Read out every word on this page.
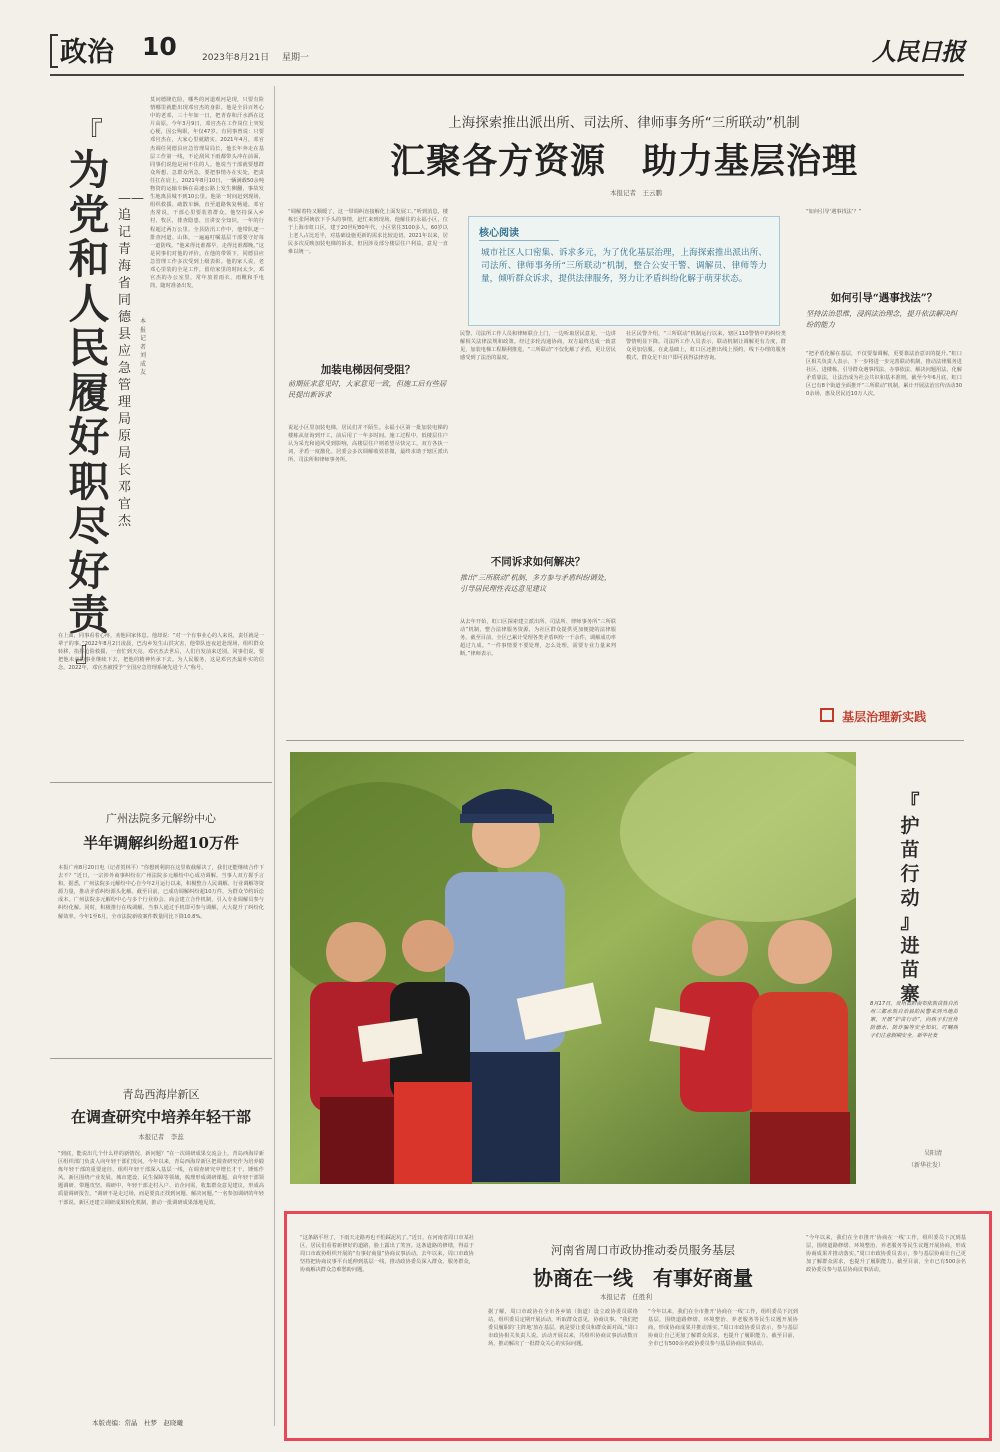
政治 10	2023年8月21日 星期一	人民日报
『
为
党
和
人
民
履
好
职
尽
好
责
』
——追记青海省同德县应急管理局原局长邓官杰
本报记者　刘成友
莫问德隆危险，哪些的河道观河是现，只要有险情哪里就能出现邓官杰的身影。他是全县百姓心中的老邓，三十年如一日，把青春和汗水洒在这片高原。今年3月9日，邓官杰在工作岗位上突发心梗，因公殉职，年仅47岁。有同事曾说：只要邓官杰在，大家心里就踏实。2021年4月，邓官杰调任同德县应急管理局局长，他长年奔走在基层工作第一线，不论刮风下雨都带头冲在前面，同事们说他是闲不住的人。他说当干部就要想群众所想、急群众所急，要把事情办在实处，把责任扛在肩上。2021年8月10日，一辆满载50余吨物资的运输车辆在高速公路上发生侧翻，事故发生地离县城不到10公里。他第一时间赶到现场，组织救援、疏散车辆，直至道路恢复畅通。邓官杰常说，干部心里要装着群众。他坚持深入乡村、牧区，排查隐患，宣讲安全知识，一年的行程超过两万公里。全县防汛工作中，他带队逐一排查河道、山体，一遍遍叮嘱基层干部要守好每一道防线。“他来得比谁都早，走得比谁都晚。”这是同事们对他的评价。在他的带领下，同德县应急管理工作多次受到上级表彰。他的家人说，老邓心里装的全是工作，留给家里的时间太少。邓官杰的办公室里，常年放着雨衣、雨靴和手电筒，随时准备出发。
在上面，同事看着心疼，劝他回家休息。他却说：“对一个有事业心的人来说，责任就是一辈子的事。”2022年8月2日凌晨，巴沟乡发生山洪灾害，他带队连夜赶赴现场，组织群众转移，指挥抢险救援，一直忙到天亮。邓官杰去世后，人们自发前来送别。同事们说，要把他未竟的事业继续下去，把他的精神传承下去。为人民服务，这是邓官杰最朴实的信念。2022年，邓官杰被授予“全国应急管理系统先进个人”称号。
广州法院多元解纷中心
半年调解纠纷超10万件
本报广州8月20日电（记者贺林平）“你想到利润在这里收截解决了，我们还能继续合作下去不？”近日，一宗涉外商事纠纷在广州法院多元解纷中心成功调解。当事人双方握手言和。据悉，广州法院多元解纷中心自今年2月运行以来，积极整合人民调解、行业调解等资源力量，推动矛盾纠纷源头化解。截至目前，已成功调解纠纷超10万件，为群众节约诉讼成本。广州法院多元解纷中心与多个行业协会、商会建立合作机制，引入专业调解员参与纠纷化解。同时，积极推行在线调解，当事人通过手机即可参与调解，大大提升了纠纷化解效率。今年1至6月，全市法院新收案件数量同比下降10.8%。
青岛西海岸新区
在调查研究中培养年轻干部
本报记者　李蕊
“到底，能说出几个什么样的新情况、新问题？”在一次调研成果交流会上，青岛西海岸新区组织部门负责人向年轻干部们发问。今年以来，青岛西海岸新区把调查研究作为培养锻炼年轻干部的重要途径，组织年轻干部深入基层一线，在调查研究中增长才干、锤炼作风。新区围绕产业发展、城市建设、民生保障等领域，梳理形成调研课题，由年轻干部领题调研、带题攻坚。调研中，年轻干部走村入户、访企问需，收集群众意见建议，形成高质量调研报告。“调研不是走过场，而是要真正找到问题、解决问题。”一名参加调研的年轻干部说。新区还建立调研成果转化机制，推动一批调研成果落地见效。
本版责编：常晶　杜梦　赵晓曦
上海探索推出派出所、司法所、律师事务所“三所联动”机制
汇聚各方资源　助力基层治理
本报记者　王云鹏
“调解着特又顺暖了，这一带调纠直接解化上面发展工。”听到消息，楼栋长张阿姨放下手头的事情，赶忙来到现场。他解住的永福小区，位于上海市虹口区，建于20世纪80年代，小区常住3100多人，60岁以上老人占比近半，对基础设施更新的需求比较迫切。2021年以来，居民多次反映加装电梯的诉求，但因涉及部分楼层住户利益，意见一直难以统一。
加装电梯因何受阻？
前期征求意见时，大家意见一致，但施工后有些居民提出新诉求
说起小区里加装电梯，居民们并不陌生。永福小区第一批加装电梯的楼栋从征询到开工，前后用了一年多时间。施工过程中，低楼层住户认为采光和通风受到影响，高楼层住户则希望尽快完工，双方各执一词，矛盾一度激化。居委会多次调解收效甚微，最终求助于辖区派出所、司法所和律师事务所。
核心阅读
城市社区人口密集、诉求多元，为了优化基层治理，上海探索推出派出所、司法所、律师事务所“三所联动”机制，整合公安干警、调解员、律师等力量，倾听群众诉求，提供法律服务，努力让矛盾纠纷化解于萌芽状态。
民警、司法所工作人员和律师联合上门，一边听取居民意见，一边讲解相关法律法规和政策。经过多轮沟通协商，双方最终达成一致意见，加装电梯工程顺利推进。“三所联动”不仅化解了矛盾，更让居民感受到了法治的温度。
不同诉求如何解决？
推出“三所联动”机制，多方参与矛盾纠纷调处，引导居民理性表达意见建议
从去年开始，虹口区探索建立派出所、司法所、律师事务所“三所联动”机制，整合法律服务资源，为社区群众提供更加便捷的法律服务。截至目前，全区已累计受理各类矛盾纠纷一千余件，调解成功率超过九成。“一件事情要不要处理，怎么处理，需要专业力量来判断。”律师表示。
社区民警介绍，“三所联动”机制运行以来，辖区110警情中的纠纷类警情明显下降。司法所工作人员表示，联动机制让调解更有力度，群众更加信服。在此基础上，虹口区还推出线上预约、线下办理的服务模式，群众足不出户即可获得法律咨询。
“如何引导‘遇事找法’？”
如何引导“遇事找法”？
坚持法治思维，浸润法治理念，提升依法解决纠纷的能力
“把矛盾化解在基层，不仅要靠调解，更要靠法治意识的提升。”虹口区相关负责人表示，下一步将进一步完善联动机制，推动法律服务进社区、进楼栋，引导群众遇事找法、办事依法、解决问题用法、化解矛盾靠法，让法治成为社会共识和基本准则。截至今年6月底，虹口区已有8个街道全面推开“三所联动”机制，累计开展法治宣传活动300余场，惠及居民近10万人次。
基层治理新实践
『
护
苗
行
动
』
进
苗
寨
8月17日，贵州省黔南布依族苗族自治州三都水族自治县的民警来到当地苗寨，开展“护苗行动”，向孩子们宣传防溺水、防诈骗等安全知识，叮嘱孩子们注意假期安全。新华社发
吴阳清
（新华社发）
“这条路平坦了，下雨天走路再也不怕踩泥坑了。”近日，在河南省周口市某社区，居民们看着新修好的道路，脸上露出了笑容。这条道路的修缮，得益于周口市政协组织开展的“有事好商量”协商议事活动。去年以来，周口市政协坚持把协商议事平台延伸到基层一线，推动政协委员深入群众、服务群众，协商解决群众急难愁盼问题。
河南省周口市政协推动委员服务基层
协商在一线　有事好商量
本报记者　任胜利
据了解，周口市政协在全市各乡镇（街道）设立政协委员联络站，组织委员定期开展活动，听取群众意见，协商议事。“我们把委员履职的‘主阵地’放在基层，就是要让委员和群众面对面。”周口市政协相关负责人说。活动开展以来，共组织协商议事活动数百场，推动解决了一批群众关心的实际问题。
“今年以来，我们在全市推开‘协商在一线’工作，组织委员下沉到基层，围绕道路修缮、环境整治、养老服务等民生议题开展协商，形成协商成果并推动落实。”周口市政协委员表示，参与基层协商让自己更加了解群众需求，也提升了履职能力。截至目前，全市已有500余名政协委员参与基层协商议事活动。
“今年以来，我们在全市推开‘协商在一线’工作，组织委员下沉到基层，围绕道路修缮、环境整治、养老服务等民生议题开展协商，形成协商成果并推动落实。”周口市政协委员表示，参与基层协商让自己更加了解群众需求，也提升了履职能力。截至目前，全市已有500余名政协委员参与基层协商议事活动。
